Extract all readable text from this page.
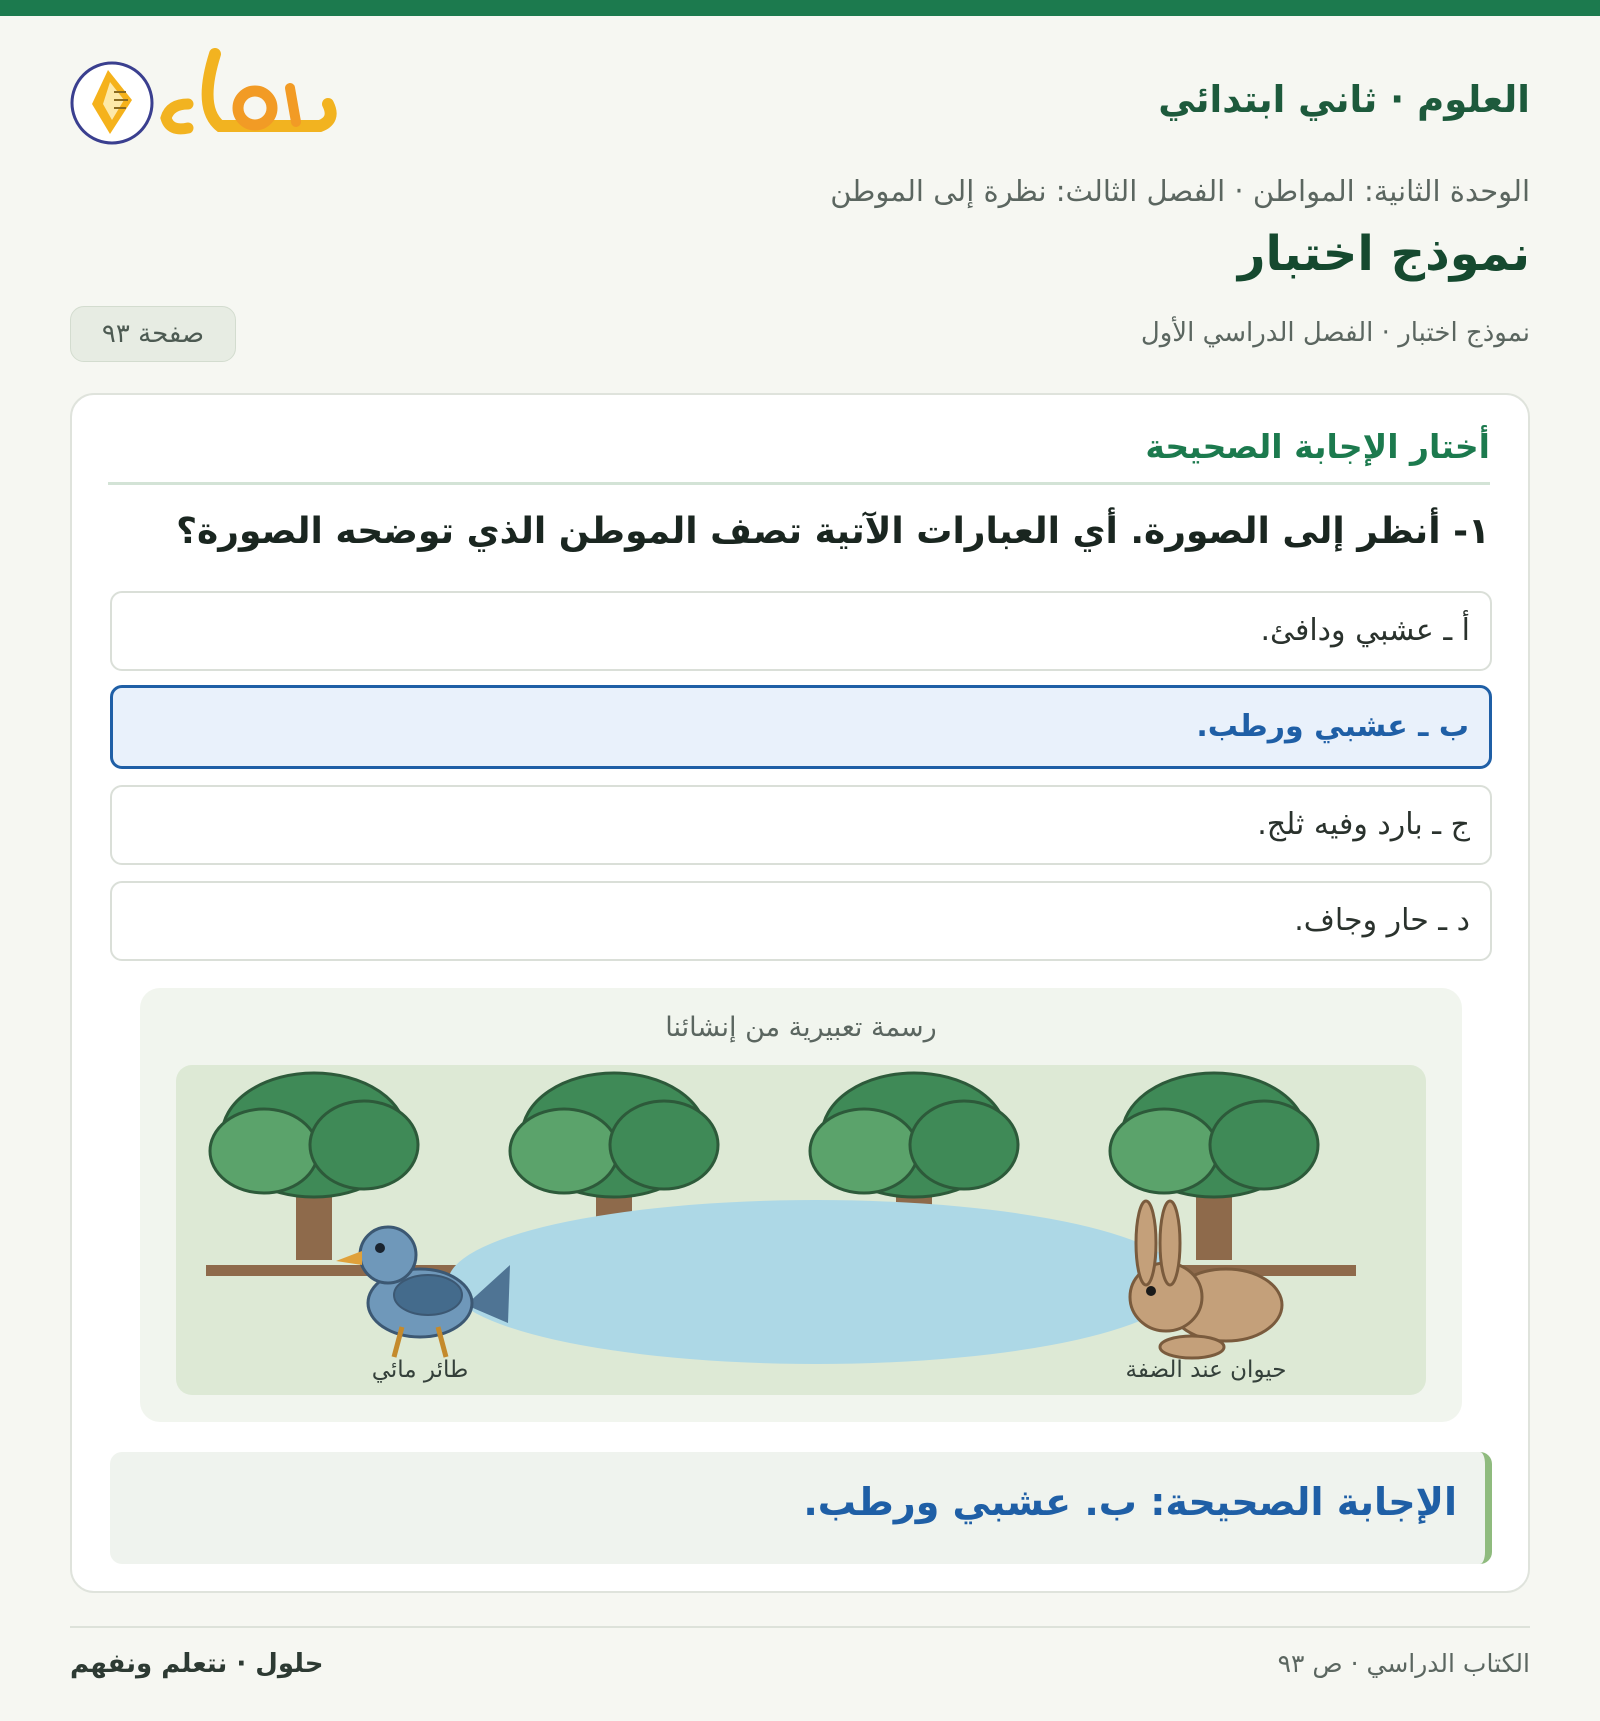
العلوم · ثاني ابتدائي
الوحدة الثانية: المواطن · الفصل الثالث: نظرة إلى الموطن
نموذج اختبار
نموذج اختبار · الفصل الدراسي الأول
صفحة ٩٣
أختار الإجابة الصحيحة
١- أنظر إلى الصورة. أي العبارات الآتية تصف الموطن الذي توضحه الصورة؟
أ ـ عشبي ودافئ.
ب ـ عشبي ورطب.
ج ـ بارد وفيه ثلج.
د ـ حار وجاف.
رسمة تعبيرية من إنشائنا
طائر مائي	حيوان عند الضفة
الإجابة الصحيحة: ب. عشبي ورطب.
الكتاب الدراسي · ص ٩٣
حلول · نتعلم ونفهم
